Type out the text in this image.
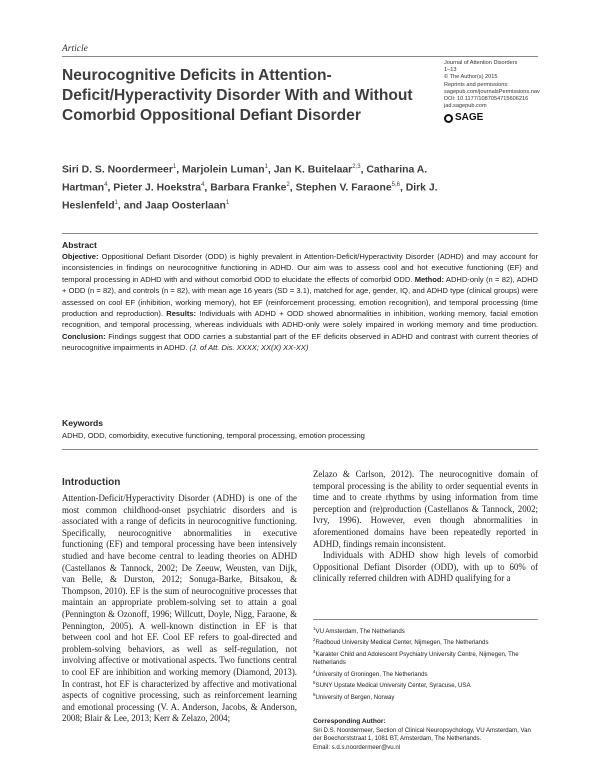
Article
Neurocognitive Deficits in Attention-Deficit/Hyperactivity Disorder With and Without Comorbid Oppositional Defiant Disorder
Journal of Attention Disorders
1–13
© The Author(s) 2015
Reprints and permissions:
sagepub.com/journalsPermissions.nav
DOI: 10.1177/1087054715606216
jad.sagepub.com
SAGE
Siri D. S. Noordermeer$^1$, Marjolein Luman$^1$, Jan K. Buitelaar$^{2,3}$, Catharina A. Hartman$^4$, Pieter J. Hoekstra$^4$, Barbara Franke$^2$, Stephen V. Faraone$^{5,6}$, Dirk J. Heslenfeld$^1$, and Jaap Oosterlaan$^1$
Abstract
Objective: Oppositional Defiant Disorder (ODD) is highly prevalent in Attention-Deficit/Hyperactivity Disorder (ADHD) and may account for inconsistencies in findings on neurocognitive functioning in ADHD. Our aim was to assess cool and hot executive functioning (EF) and temporal processing in ADHD with and without comorbid ODD to elucidate the effects of comorbid ODD. Method: ADHD-only (n = 82), ADHD + ODD (n = 82), and controls (n = 82), with mean age 16 years (SD = 3.1), matched for age, gender, IQ, and ADHD type (clinical groups) were assessed on cool EF (inhibition, working memory), hot EF (reinforcement processing, emotion recognition), and temporal processing (time production and reproduction). Results: Individuals with ADHD + ODD showed abnormalities in inhibition, working memory, facial emotion recognition, and temporal processing, whereas individuals with ADHD-only were solely impaired in working memory and time production. Conclusion: Findings suggest that ODD carries a substantial part of the EF deficits observed in ADHD and contrast with current theories of neurocognitive impairments in ADHD. (J. of Att. Dis. XXXX; XX(X) XX-XX)
Keywords
ADHD, ODD, comorbidity, executive functioning, temporal processing, emotion processing
Introduction

Attention-Deficit/Hyperactivity Disorder (ADHD) is one of the most common childhood-onset psychiatric disorders and is associated with a range of deficits in neurocognitive functioning. Specifically, neurocognitive abnormalities in executive functioning (EF) and temporal processing have been intensively studied and have become central to leading theories on ADHD (Castellanos & Tannock, 2002; De Zeeuw, Weusten, van Dijk, van Belle, & Durston, 2012; Sonuga-Barke, Bitsakou, & Thompson, 2010). EF is the sum of neurocognitive processes that maintain an appropriate problem-solving set to attain a goal (Pennington & Ozonoff, 1996; Willcutt, Doyle, Nigg, Faraone, & Pennington, 2005). A well-known distinction in EF is that between cool and hot EF. Cool EF refers to goal-directed and problem-solving behaviors, as well as self-regulation, not involving affective or motivational aspects. Two functions central to cool EF are inhibition and working memory (Diamond, 2013). In contrast, hot EF is characterized by affective and motivational aspects of cognitive processing, such as reinforcement learning and emotional processing (V. A. Anderson, Jacobs, & Anderson, 2008; Blair & Lee, 2013; Kerr & Zelazo, 2004;

Zelazo & Carlson, 2012). The neurocognitive domain of temporal processing is the ability to order sequential events in time and to create rhythms by using information from time perception and (re)production (Castellanos & Tannock, 2002; Ivry, 1996). However, even though abnormalities in aforementioned domains have been repeatedly reported in ADHD, findings remain inconsistent.

Individuals with ADHD show high levels of comorbid Oppositional Defiant Disorder (ODD), with up to 60% of clinically referred children with ADHD qualifying for a

$^1$VU Amsterdam, The Netherlands
$^2$Radboud University Medical Center, Nijmegen, The Netherlands
$^3$Karakter Child and Adolescent Psychiatry University Centre, Nijmegen, The Netherlands
$^4$University of Groningen, The Netherlands
$^5$SUNY Upstate Medical University Center, Syracuse, USA
$^6$University of Bergen, Norway
Corresponding Author:
Siri D.S. Noordermeer, Section of Clinical Neuropsychology, VU Amsterdam, Van der Boechorststraat 1, 1081 BT, Amsterdam, The Netherlands.
Email: s.d.s.noordermeer@vu.nl
